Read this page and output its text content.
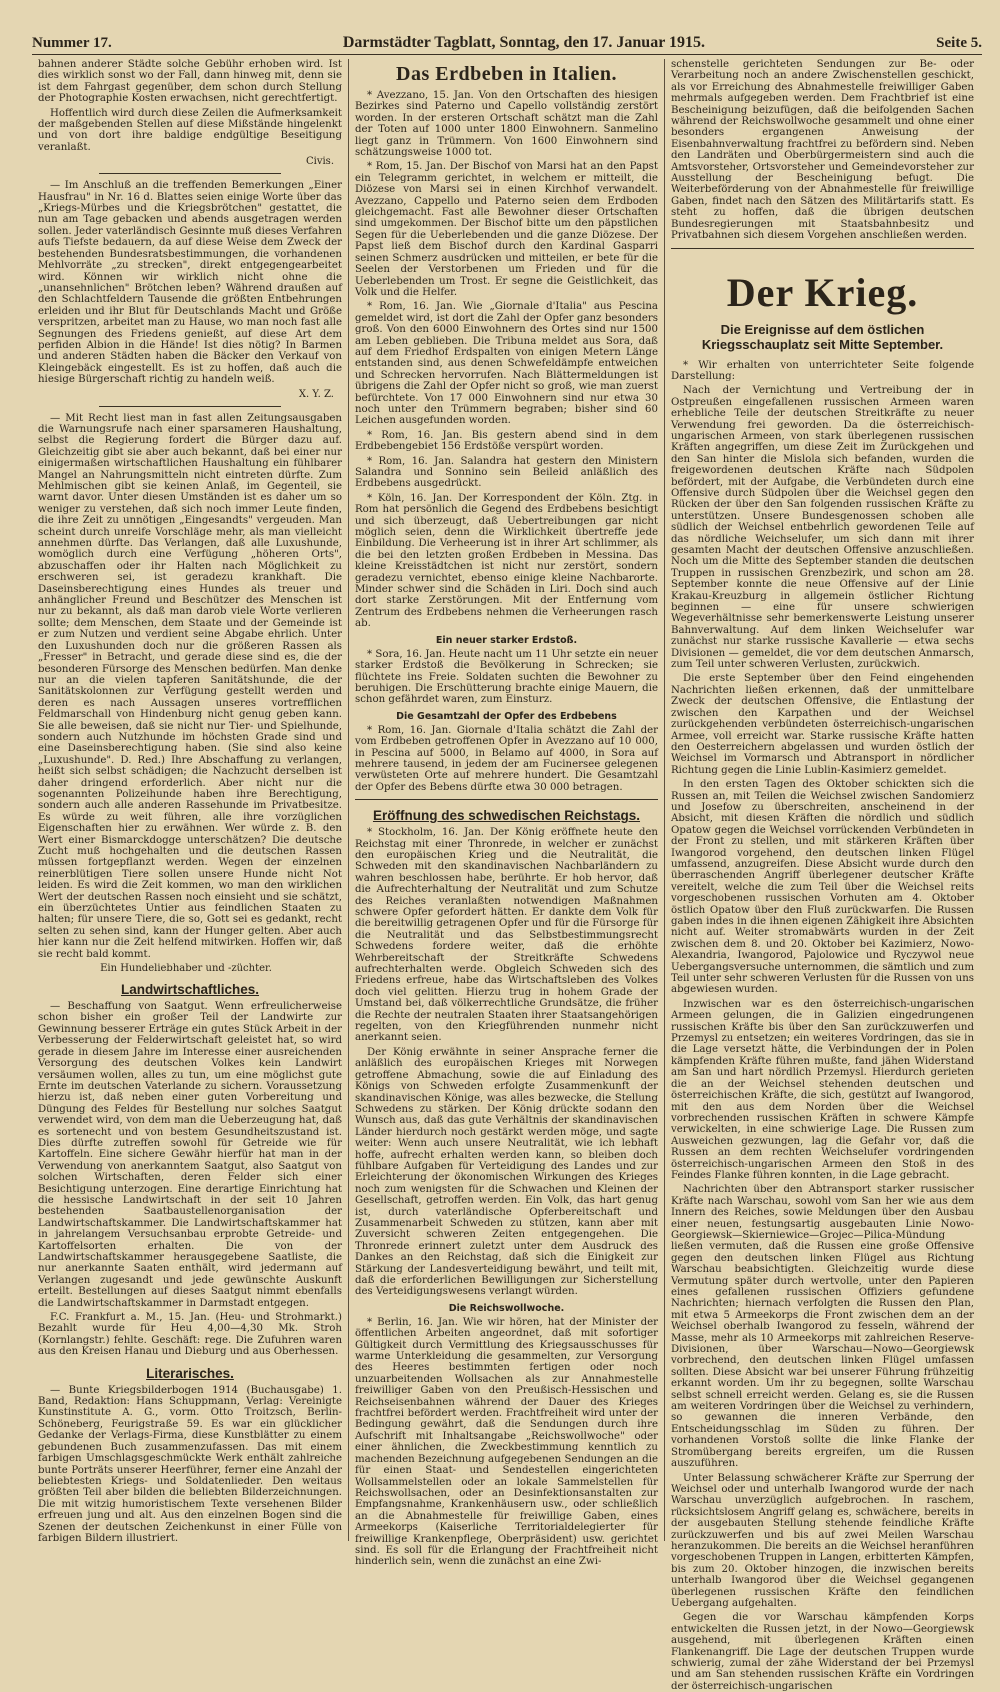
Nummer 17.	Darmstädter Tagblatt, Sonntag, den 17. Januar 1915.	Seite 5.

bahnen anderer Städte solche Gebühr erhoben wird. Ist dies wirklich sonst wo der Fall, dann hinweg mit, denn sie ist dem Fahrgast gegenüber, dem schon durch Stellung der Photographie Kosten erwachsen, nicht gerechtfertigt.

Hoffentlich wird durch diese Zeilen die Aufmerksamkeit der maßgebenden Stellen auf diese Mißstände hingelenkt und von dort ihre baldige endgültige Beseitigung veranlaßt.

Civis.

— Im Anschluß an die treffenden Bemerkungen „Einer Hausfrau" in Nr. 16 d. Blattes seien einige Worte über das „Kriegs-Mürbes und die Kriegsbrötchen" gestattet, die nun am Tage gebacken und abends ausgetragen werden sollen. Jeder vaterländisch Gesinnte muß dieses Verfahren aufs Tiefste bedauern, da auf diese Weise dem Zweck der bestehenden Bundesratsbestimmungen, die vorhandenen Mehlvorräte „zu strecken", direkt entgegengearbeitet wird. Können wir wirklich nicht ohne die „unansehnlichen" Brötchen leben? Während draußen auf den Schlachtfeldern Tausende die größten Entbehrungen erleiden und ihr Blut für Deutschlands Macht und Größe verspritzen, arbeitet man zu Hause, wo man noch fast alle Segnungen des Friedens genießt, auf diese Art dem perfiden Albion in die Hände! Ist dies nötig? In Barmen und anderen Städten haben die Bäcker den Verkauf von Kleingebäck eingestellt. Es ist zu hoffen, daß auch die hiesige Bürgerschaft richtig zu handeln weiß.

X. Y. Z.

— Mit Recht liest man in fast allen Zeitungsausgaben die Warnungsrufe nach einer sparsameren Haushaltung, selbst die Regierung fordert die Bürger dazu auf. Gleichzeitig gibt sie aber auch bekannt, daß bei einer nur einigermaßen wirtschaftlichen Haushaltung ein fühlbarer Mangel an Nahrungsmitteln nicht eintreten dürfte. Zum Mehlmischen gibt sie keinen Anlaß, im Gegenteil, sie warnt davor. Unter diesen Umständen ist es daher um so weniger zu verstehen, daß sich noch immer Leute finden, die ihre Zeit zu unnötigen „Eingesandts" vergeuden. Man scheint durch unreife Vorschläge mehr, als man vielleicht annehmen dürfte. Das Verlangen, daß alle Luxushunde, womöglich durch eine Verfügung „höheren Orts", abzuschaffen oder ihr Halten nach Möglichkeit zu erschweren sei, ist geradezu krankhaft. Die Daseinsberechtigung eines Hundes als treuer und anhänglicher Freund und Beschützer des Menschen ist nur zu bekannt, als daß man darob viele Worte verlieren sollte; dem Menschen, dem Staate und der Gemeinde ist er zum Nutzen und verdient seine Abgabe ehrlich. Unter den Luxushunden doch nur die größeren Rassen als „Fresser" in Betracht, und gerade diese sind es, die der besonderen Fürsorge des Menschen bedürfen. Man denke nur an die vielen tapferen Sanitätshunde, die der Sanitätskolonnen zur Verfügung gestellt werden und deren es nach Aussagen unseres vortrefflichen Feldmarschall von Hindenburg nicht genug geben kann. Sie alle beweisen, daß sie nicht nur Tier- und Spielhunde, sondern auch Nutzhunde im höchsten Grade sind und eine Daseinsberechtigung haben. (Sie sind also keine „Luxushunde". D. Red.) Ihre Abschaffung zu verlangen, heißt sich selbst schädigen; die Nachzucht derselben ist daher dringend erforderlich. Aber nicht nur die sogenannten Polizeihunde haben ihre Berechtigung, sondern auch alle anderen Rassehunde im Privatbesitze. Es würde zu weit führen, alle ihre vorzüglichen Eigenschaften hier zu erwähnen. Wer würde z. B. den Wert einer Bismarckdogge unterschätzen? Die deutsche Zucht muß hochgehalten und die deutschen Rassen müssen fortgepflanzt werden. Wegen der einzelnen reinerblütigen Tiere sollen unsere Hunde nicht Not leiden. Es wird die Zeit kommen, wo man den wirklichen Wert der deutschen Rassen noch einsieht und sie schätzt, ein überzüchtetes Untier aus feindlichen Staaten zu halten; für unsere Tiere, die so, Gott sei es gedankt, recht selten zu sehen sind, kann der Hunger gelten. Aber auch hier kann nur die Zeit helfend mitwirken. Hoffen wir, daß sie recht bald kommt.

Ein Hundeliebhaber und -züchter.
Landwirtschaftliches.

— Beschaffung von Saatgut. Wenn erfreulicherweise schon bisher ein großer Teil der Landwirte zur Gewinnung besserer Erträge ein gutes Stück Arbeit in der Verbesserung der Felderwirtschaft geleistet hat, so wird gerade in diesem Jahre im Interesse einer ausreichenden Versorgung des deutschen Volkes kein Landwirt versäumen wollen, alles zu tun, um eine möglichst gute Ernte im deutschen Vaterlande zu sichern. Voraussetzung hierzu ist, daß neben einer guten Vorbereitung und Düngung des Feldes für Bestellung nur solches Saatgut verwendet wird, von dem man die Ueberzeugung hat, daß es sortenecht und von bestem Gesundheitszustand ist. Dies dürfte zutreffen sowohl für Getreide wie für Kartoffeln. Eine sichere Gewähr hierfür hat man in der Verwendung von anerkanntem Saatgut, also Saatgut von solchen Wirtschaften, deren Felder sich einer Besichtigung unterzogen. Eine derartige Einrichtung hat die hessische Landwirtschaft in der seit 10 Jahren bestehenden Saatbaustellenorganisation der Landwirtschaftskammer. Die Landwirtschaftskammer hat in jahrelangem Versuchsanbau erprobte Getreide- und Kartoffelsorten erhalten. Die von der Landwirtschaftskammer herausgegebene Saatliste, die nur anerkannte Saaten enthält, wird jedermann auf Verlangen zugesandt und jede gewünschte Auskunft erteilt. Bestellungen auf dieses Saatgut nimmt ebenfalls die Landwirtschaftskammer in Darmstadt entgegen.

F.C. Frankfurt a. M., 15. Jan. (Heu- und Strohmarkt.) Bezahlt wurde für Heu 4,00—4,30 Mk. Stroh (Kornlangstr.) fehlte. Geschäft: rege. Die Zufuhren waren aus den Kreisen Hanau und Dieburg und aus Oberhessen.

Literarisches.

— Bunte Kriegsbilderbogen 1914 (Buchausgabe) 1. Band, Redaktion: Hans Schuppmann, Verlag: Vereinigte Kunstinstitute A. G., vorm. Otto Troitzsch, Berlin-Schöneberg, Feurigstraße 59. Es war ein glücklicher Gedanke der Verlags-Firma, diese Kunstblätter zu einem gebundenen Buch zusammenzufassen. Das mit einem farbigen Umschlagsgeschmückte Werk enthält zahlreiche bunte Porträts unserer Heerführer, ferner eine Anzahl der beliebtesten Kriegs- und Soldatenlieder. Den weitaus größten Teil aber bilden die beliebten Bilderzeichnungen. Die mit witzig humoristischem Texte versehenen Bilder erfreuen jung und alt. Aus den einzelnen Bogen sind die Szenen der deutschen Zeichenkunst in einer Fülle von farbigen Bildern illustriert.

Das Erdbeben in Italien.

* Avezzano, 15. Jan. Von den Ortschaften des hiesigen Bezirkes sind Paterno und Capello vollständig zerstört worden. In der ersteren Ortschaft schätzt man die Zahl der Toten auf 1000 unter 1800 Einwohnern. Sanmelino liegt ganz in Trümmern. Von 1600 Einwohnern sind schätzungsweise 1000 tot.

* Rom, 15. Jan. Der Bischof von Marsi hat an den Papst ein Telegramm gerichtet, in welchem er mitteilt, die Diözese von Marsi sei in einen Kirchhof verwandelt. Avezzano, Cappello und Paterno seien dem Erdboden gleichgemacht. Fast alle Bewohner dieser Ortschaften sind umgekommen. Der Bischof bitte um den päpstlichen Segen für die Ueberlebenden und die ganze Diözese. Der Papst ließ dem Bischof durch den Kardinal Gasparri seinen Schmerz ausdrücken und mitteilen, er bete für die Seelen der Verstorbenen um Frieden und für die Ueberlebenden um Trost. Er segne die Geistlichkeit, das Volk und die Helfer.

* Rom, 16. Jan. Wie „Giornale d'Italia" aus Pescina gemeldet wird, ist dort die Zahl der Opfer ganz besonders groß. Von den 6000 Einwohnern des Ortes sind nur 1500 am Leben geblieben. Die Tribuna meldet aus Sora, daß auf dem Friedhof Erdspalten von einigen Metern Länge entstanden sind, aus denen Schwefeldämpfe entweichen und Schrecken hervorrufen. Nach Blättermeldungen ist übrigens die Zahl der Opfer nicht so groß, wie man zuerst befürchtete. Von 17 000 Einwohnern sind nur etwa 30 noch unter den Trümmern begraben; bisher sind 60 Leichen ausgefunden worden.

* Rom, 16. Jan. Bis gestern abend sind in dem Erdbebengebiet 156 Erdstöße verspürt worden.

* Rom, 16. Jan. Salandra hat gestern den Ministern Salandra und Sonnino sein Beileid anläßlich des Erdbebens ausgedrückt.

* Köln, 16. Jan. Der Korrespondent der Köln. Ztg. in Rom hat persönlich die Gegend des Erdbebens besichtigt und sich überzeugt, daß Uebertreibungen gar nicht möglich seien, denn die Wirklichkeit übertreffe jede Einbildung. Die Verheerung ist in ihrer Art schlimmer, als die bei den letzten großen Erdbeben in Messina. Das kleine Kreisstädtchen ist nicht nur zerstört, sondern geradezu vernichtet, ebenso einige kleine Nachbarorte. Minder schwer sind die Schäden in Liri. Doch sind auch dort starke Zerstörungen. Mit der Entfernung vom Zentrum des Erdbebens nehmen die Verheerungen rasch ab.

Ein neuer starker Erdstoß.

* Sora, 16. Jan. Heute nacht um 11 Uhr setzte ein neuer starker Erdstoß die Bevölkerung in Schrecken; sie flüchtete ins Freie. Soldaten suchten die Bewohner zu beruhigen. Die Erschütterung brachte einige Mauern, die schon gefährdet waren, zum Einsturz.

Die Gesamtzahl der Opfer des Erdbebens

* Rom, 16. Jan. Giornale d'Italia schätzt die Zahl der vom Erdbeben getroffenen Opfer in Avezzano auf 10 000, in Pescina auf 5000, in Belamo auf 4000, in Sora auf mehrere tausend, in jedem der am Fucinersee gelegenen verwüsteten Orte auf mehrere hundert. Die Gesamtzahl der Opfer des Bebens dürfte etwa 30 000 betragen.

Eröffnung des schwedischen Reichstags.

* Stockholm, 16. Jan. Der König eröffnete heute den Reichstag mit einer Thronrede, in welcher er zunächst den europäischen Krieg und die Neutralität, die Schweden mit den skandinavischen Nachbarländern zu wahren beschlossen habe, berührte. Er hob hervor, daß die Aufrechterhaltung der Neutralität und zum Schutze des Reiches veranlaßten notwendigen Maßnahmen schwere Opfer gefordert hätten. Er dankte dem Volk für die bereitwillig getragenen Opfer und für die Fürsorge für die Neutralität und das Selbstbestimmungsrecht Schwedens fordere weiter, daß die erhöhte Wehrbereitschaft der Streitkräfte Schwedens aufrechterhalten werde. Obgleich Schweden sich des Friedens erfreue, habe das Wirtschaftsleben des Volkes doch viel gelitten. Hierzu trug in hohem Grade der Umstand bei, daß völkerrechtliche Grundsätze, die früher die Rechte der neutralen Staaten ihrer Staatsangehörigen regelten, von den Kriegführenden nunmehr nicht anerkannt seien.

Der König erwähnte in seiner Ansprache ferner die anläßlich des europäischen Krieges mit Norwegen getroffene Abmachung, sowie die auf Einladung des Königs von Schweden erfolgte Zusammenkunft der skandinavischen Könige, was alles bezwecke, die Stellung Schwedens zu stärken. Der König drückte sodann den Wunsch aus, daß das gute Verhältnis der skandinavischen Länder hierdurch noch gestärkt werden möge, und sagte weiter: Wenn auch unsere Neutralität, wie ich lebhaft hoffe, aufrecht erhalten werden kann, so bleiben doch fühlbare Aufgaben für Verteidigung des Landes und zur Erleichterung der ökonomischen Wirkungen des Krieges noch zum wenigsten für die Schwachen und Kleinen der Gesellschaft, getroffen werden. Ein Volk, das hart genug ist, durch vaterländische Opferbereitschaft und Zusammenarbeit Schweden zu stützen, kann aber mit Zuversicht schweren Zeiten entgegengehen. Die Thronrede erinnert zuletzt unter dem Ausdruck des Dankes an den Reichstag, daß sich die Einigkeit zur Stärkung der Landesverteidigung bewährt, und teilt mit, daß die erforderlichen Bewilligungen zur Sicherstellung des Verteidigungswesens verlangt würden.

Die Reichswollwoche.

* Berlin, 16. Jan. Wie wir hören, hat der Minister der öffentlichen Arbeiten angeordnet, daß mit sofortiger Gültigkeit durch Vermittlung des Kriegsausschusses für warme Unterkleidung die gesammelten, zur Versorgung des Heeres bestimmten fertigen oder noch unzuarbeitenden Wollsachen als zur Annahmestelle freiwilliger Gaben von den Preußisch-Hessischen und Reichseisenbahnen während der Dauer des Krieges frachtfrei befördert werden. Frachtfreiheit wird unter der Bedingung gewährt, daß die Sendungen durch ihre Aufschrift mit Inhaltsangabe „Reichswollwoche" oder einer ähnlichen, die Zweckbestimmung kenntlich zu machenden Bezeichnung aufgegebenen Sendungen an die für einen Staat- und Sendestellen eingerichteten Wollsammelstellen oder an lokale Sammelstellen für Reichswollsachen, oder an Desinfektionsanstalten zur Empfangsnahme, Krankenhäusern usw., oder schließlich an die Abnahmestelle für freiwillige Gaben, eines Armeekorps (Kaiserliche Territorialdelegierter für freiwillige Krankenpflege, Oberpräsident) usw. gerichtet sind. Es soll für die Erlangung der Frachtfreiheit nicht hinderlich sein, wenn die zunächst an eine Zwi-

schenstelle gerichteten Sendungen zur Be- oder Verarbeitung noch an andere Zwischenstellen geschickt, als vor Erreichung des Abnahmestelle freiwilliger Gaben mehrmals aufgegeben werden. Dem Frachtbrief ist eine Bescheinigung beizufügen, daß die beifolgenden Sachen während der Reichswollwoche gesammelt und ohne einer besonders ergangenen Anweisung der Eisenbahnverwaltung frachtfrei zu befördern sind. Neben den Landräten und Oberbürgermeistern sind auch die Amtsvorsteher, Ortsvorsteher und Gemeindevorsteher zur Ausstellung der Bescheinigung befugt. Die Weiterbeförderung von der Abnahmestelle für freiwillige Gaben, findet nach den Sätzen des Militärtarifs statt. Es steht zu hoffen, daß die übrigen deutschen Bundesregierungen mit Staatsbahnbesitz und Privatbahnen sich diesem Vorgehen anschließen werden.

Der Krieg.
Die Ereignisse auf dem östlichen Kriegsschauplatz seit Mitte September.

* Wir erhalten von unterrichteter Seite folgende Darstellung:

Nach der Vernichtung und Vertreibung der in Ostpreußen eingefallenen russischen Armeen waren erhebliche Teile der deutschen Streitkräfte zu neuer Verwendung frei geworden. Da die österreichisch-ungarischen Armeen, von stark überlegenen russischen Kräften angegriffen, um diese Zeit im Zurückgehen und den San hinter die Mislola sich befanden, wurden die freigewordenen deutschen Kräfte nach Südpolen befördert, mit der Aufgabe, die Verbündeten durch eine Offensive durch Südpolen über die Weichsel gegen den Rücken der über den San folgenden russischen Kräfte zu unterstützen. Unsere Bundesgenossen schoben alle südlich der Weichsel entbehrlich gewordenen Teile auf das nördliche Weichselufer, um sich dann mit ihrer gesamten Macht der deutschen Offensive anzuschließen. Noch um die Mitte des September standen die deutschen Truppen in russischen Grenzbezirk, und schon am 28. September konnte die neue Offensive auf der Linie Krakau-Kreuzburg in allgemein östlicher Richtung beginnen — eine für unsere schwierigen Wegeverhältnisse sehr bemerkenswerte Leistung unserer Bahnverwaltung. Auf dem linken Weichselufer war zunächst nur starke russische Kavallerie — etwa sechs Divisionen — gemeldet, die vor dem deutschen Anmarsch, zum Teil unter schweren Verlusten, zurückwich.

Die erste September über den Feind eingehenden Nachrichten ließen erkennen, daß der unmittelbare Zweck der deutschen Offensive, die Entlastung der zwischen den Karpathen und der Weichsel zurückgehenden verbündeten österreichisch-ungarischen Armee, voll erreicht war. Starke russische Kräfte hatten den Oesterreichern abgelassen und wurden östlich der Weichsel im Vormarsch und Abtransport in nördlicher Richtung gegen die Linie Lublin-Kasimierz gemeldet.

In den ersten Tagen des Oktober schickten sich die Russen an, mit Teilen die Weichsel zwischen Sandomierz und Josefow zu überschreiten, anscheinend in der Absicht, mit diesen Kräften die nördlich und südlich Opatow gegen die Weichsel vorrückenden Verbündeten in der Front zu stellen, und mit stärkeren Kräften über Iwangorod vorgehend, den deutschen linken Flügel umfassend, anzugreifen. Diese Absicht wurde durch den überraschenden Angriff überlegener deutscher Kräfte vereitelt, welche die zum Teil über die Weichsel reits vorgeschobenen russischen Vorhuten am 4. Oktober östlich Opatow über den Fluß zurückwarfen. Die Russen gaben indes in die ihnen eigenen Zähigkeit ihre Absichten nicht auf. Weiter stromabwärts wurden in der Zeit zwischen dem 8. und 20. Oktober bei Kazimierz, Nowo-Alexandria, Iwangorod, Pajolowice und Ryczywol neue Uebergangsversuche unternommen, die sämtlich und zum Teil unter sehr schweren Verlusten für die Russen von uns abgewiesen wurden.

Inzwischen war es den österreichisch-ungarischen Armeen gelungen, die in Galizien eingedrungenen russischen Kräfte bis über den San zurückzuwerfen und Przemysl zu entsetzen; ein weiteres Vordringen, das sie in die Lage versetzt hätte, die Verbindungen der in Polen kämpfenden Kräfte führen mußte, fand jähen Widerstand am San und hart nördlich Przemysl. Hierdurch gerieten die an der Weichsel stehenden deutschen und österreichischen Kräfte, die sich, gestützt auf Iwangorod, mit den aus dem Norden über die Weichsel vorbrechenden russischen Kräften in schwere Kämpfe verwickelten, in eine schwierige Lage. Die Russen zum Ausweichen gezwungen, lag die Gefahr vor, daß die Russen an dem rechten Weichselufer vordringenden österreichisch-ungarischen Armeen den Stoß in des Feindes Flanke führen konnten, in die Lage gebracht.

Nachrichten über den Abtransport starker russischer Kräfte nach Warschau, sowohl vom San her wie aus dem Innern des Reiches, sowie Meldungen über den Ausbau einer neuen, festungsartig ausgebauten Linie Nowo-Georgiewsk—Skierniewice—Grojec—Pilica-Mündung ließen vermuten, daß die Russen eine große Offensive gegen den deutschen linken Flügel aus Richtung Warschau beabsichtigten. Gleichzeitig wurde diese Vermutung später durch wertvolle, unter den Papieren eines gefallenen russischen Offiziers gefundene Nachrichten; hiernach verfolgten die Russen den Plan, mit etwa 5 Armeekorps die Front zwischen dem an der Weichsel oberhalb Iwangorod zu fesseln, während der Masse, mehr als 10 Armeekorps mit zahlreichen Reserve-Divisionen, über Warschau—Nowo—Georgiewsk vorbrechend, den deutschen linken Flügel umfassen sollten. Diese Absicht war bei unserer Führung frühzeitig erkannt worden. Um ihr zu begegnen, sollte Warschau selbst schnell erreicht werden. Gelang es, sie die Russen am weiteren Vordringen über die Weichsel zu verhindern, so gewannen die inneren Verbände, den Entscheidungsschlag im Süden zu führen. Der vorhandenen Vorstoß sollte die linke Flanke der Stromübergang bereits ergreifen, um die Russen auszuführen.

Unter Belassung schwächerer Kräfte zur Sperrung der Weichsel oder und unterhalb Iwangorod wurde der nach Warschau unverzüglich aufgebrochen. In raschem, rücksichtslosem Angriff gelang es, schwächere, bereits in der ausgebauten Stellung stehende feindliche Kräfte zurückzuwerfen und bis auf zwei Meilen Warschau heranzukommen. Die bereits an die Weichsel heranführen vorgeschobenen Truppen in Langen, erbitterten Kämpfen, bis zum 20. Oktober hinzogen, die inzwischen bereits unterhalb Iwangorod über die Weichsel gegangenen überlegenen russischen Kräfte den feindlichen Uebergang aufgehalten.

Gegen die vor Warschau kämpfenden Korps entwickelten die Russen jetzt, in der Nowo—Georgiewsk ausgehend, mit überlegenen Kräften einen Flankenangriff. Die Lage der deutschen Truppen wurde schwierig, zumal der zähe Widerstand der bei Przemysl und am San stehenden russischen Kräfte ein Vordringen der österreichisch-ungarischen
